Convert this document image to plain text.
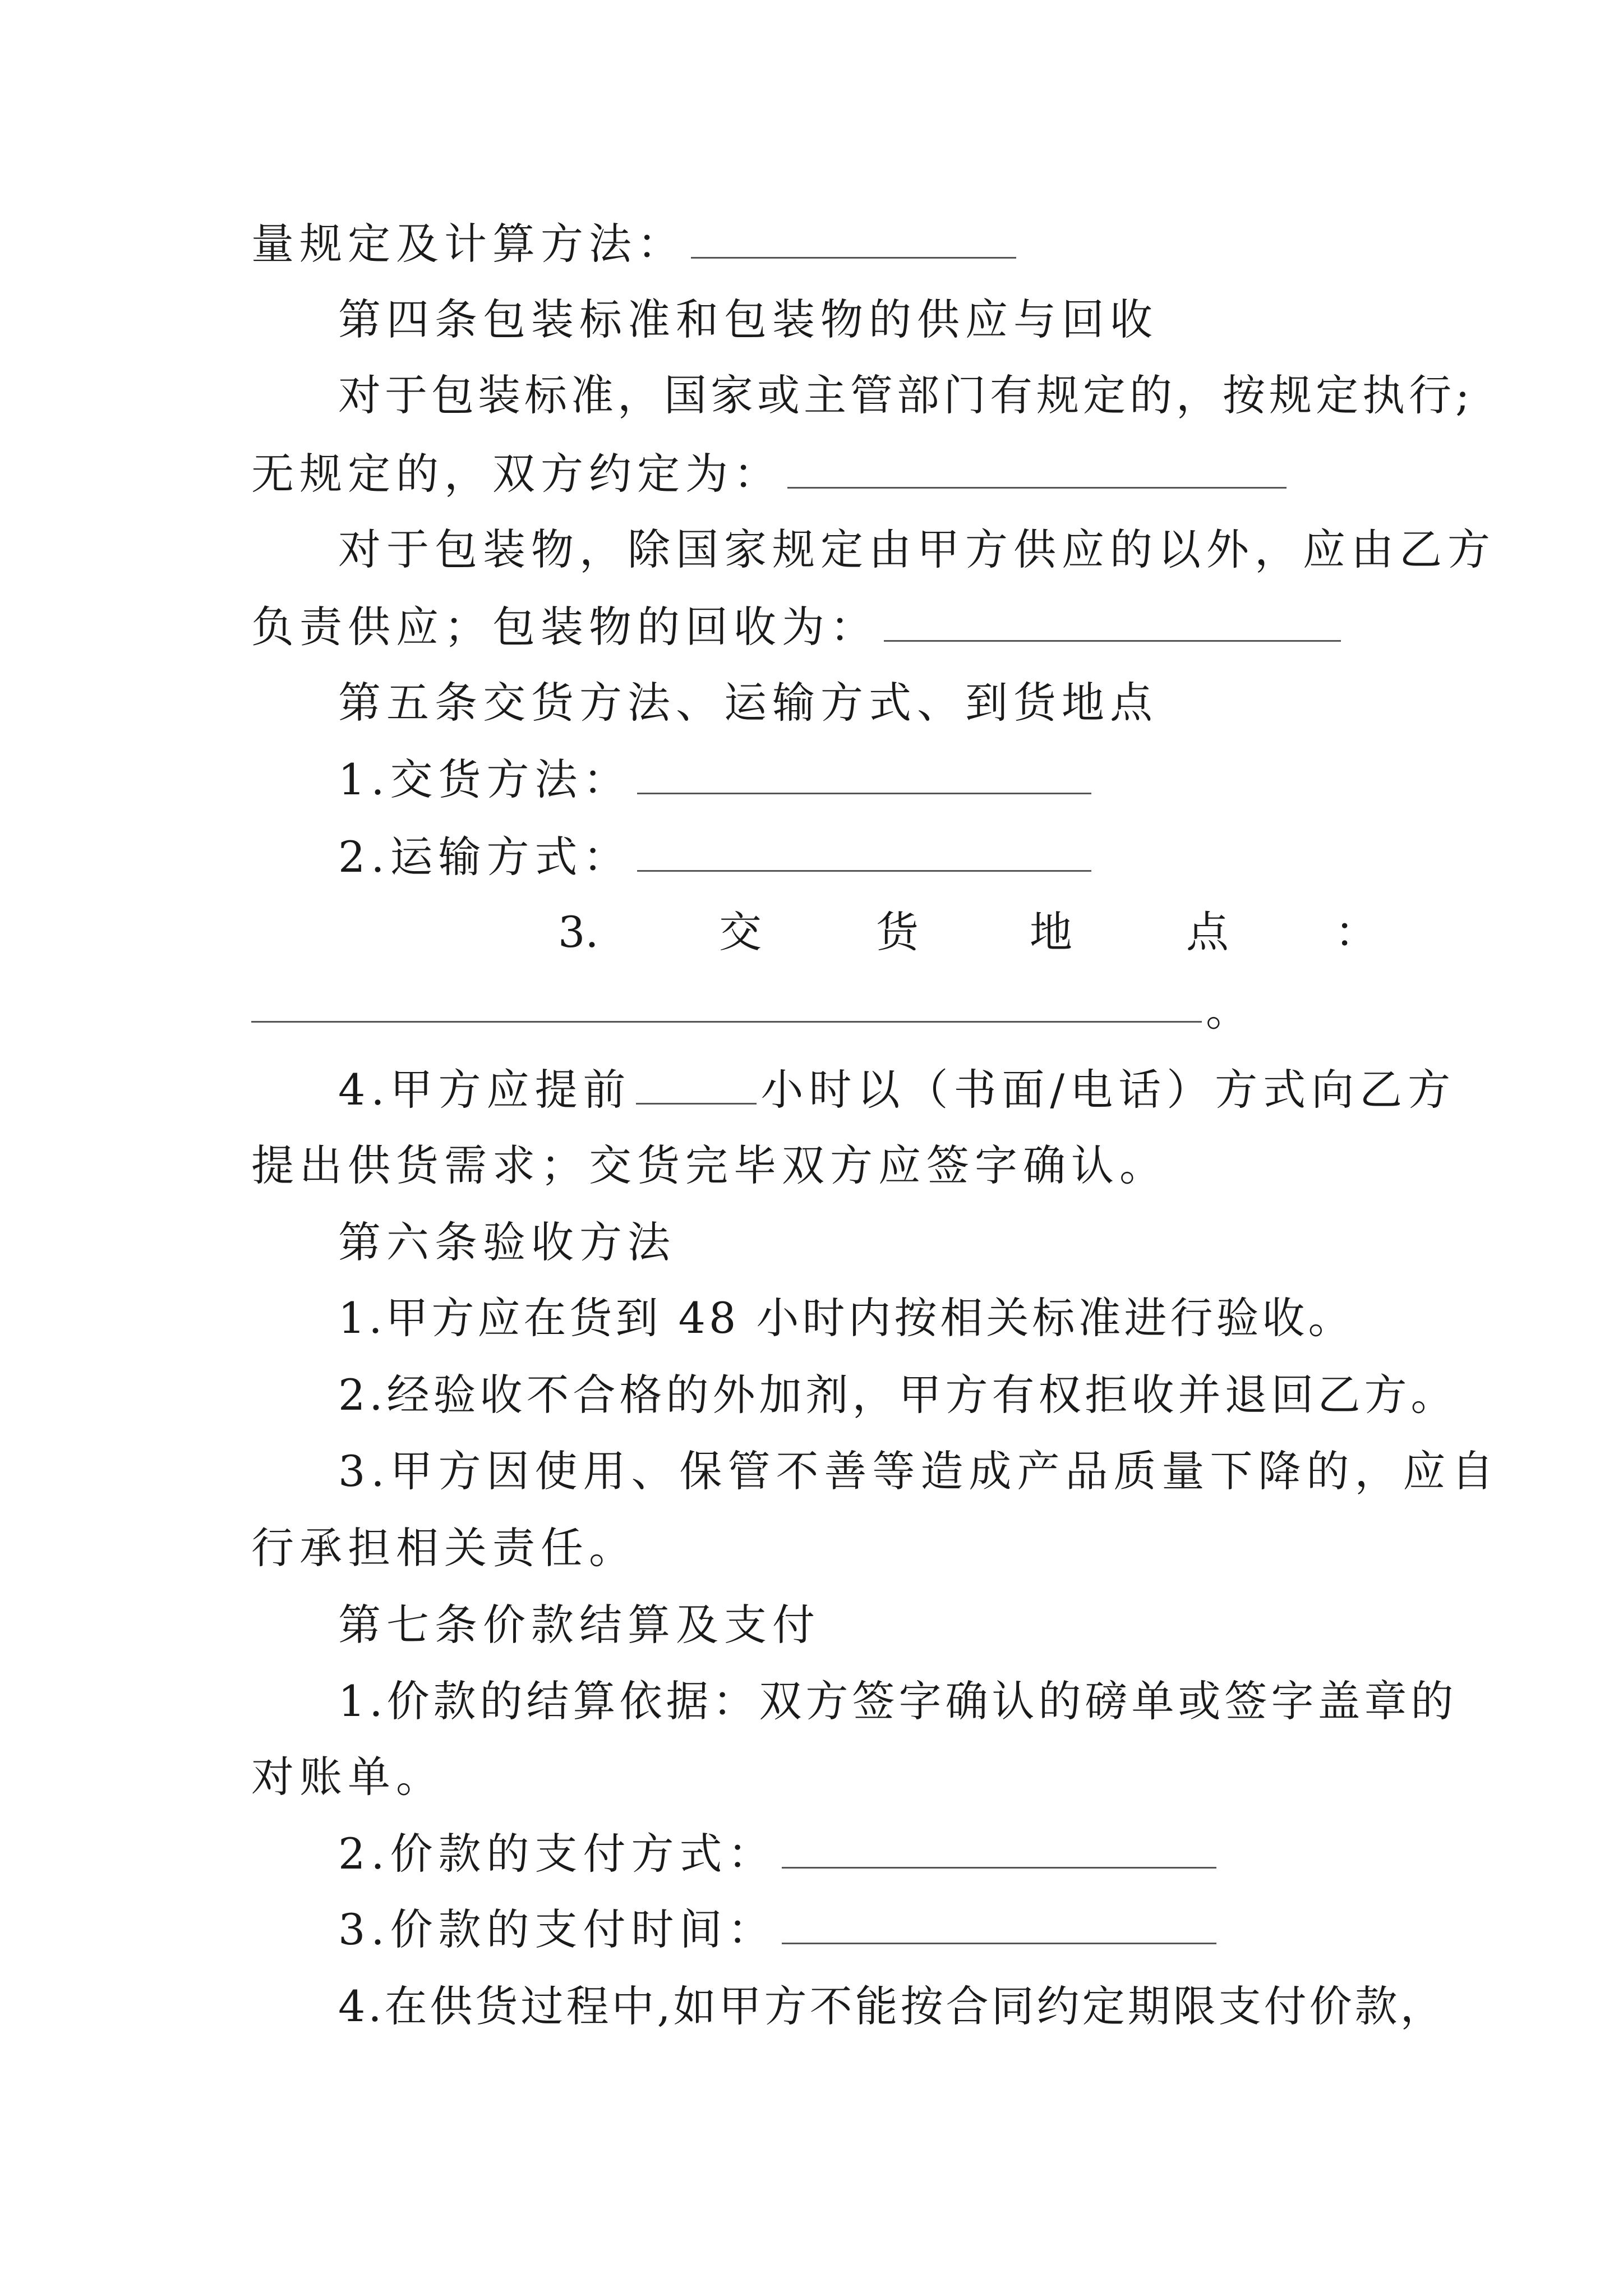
量规定及计算方法：
第四条包装标准和包装物的供应与回收
对于包装标准，国家或主管部门有规定的，按规定执行;
无规定的，双方约定为：
对于包装物，除国家规定由甲方供应的以外，应由乙方
负责供应；包装物的回收为：
第五条交货方法、运输方式、到货地点
1.交货方法：
2.运输方式：
3.	交	货	地	点 ：
。
4.甲方应提前	小时以（书面/电话）方式向乙方
提出供货需求；交货完毕双方应签字确认。
第六条验收方法
1.甲方应在货到 48 小时内按相关标准进行验收。
2.经验收不合格的外加剂，甲方有权拒收并退回乙方。
3.甲方因使用、保管不善等造成产品质量下降的，应自
行承担相关责任。
第七条价款结算及支付
1.价款的结算依据：双方签字确认的磅单或签字盖章的
对账单。
2.价款的支付方式：
3.价款的支付时间：
4.在供货过程中,如甲方不能按合同约定期限支付价款，
